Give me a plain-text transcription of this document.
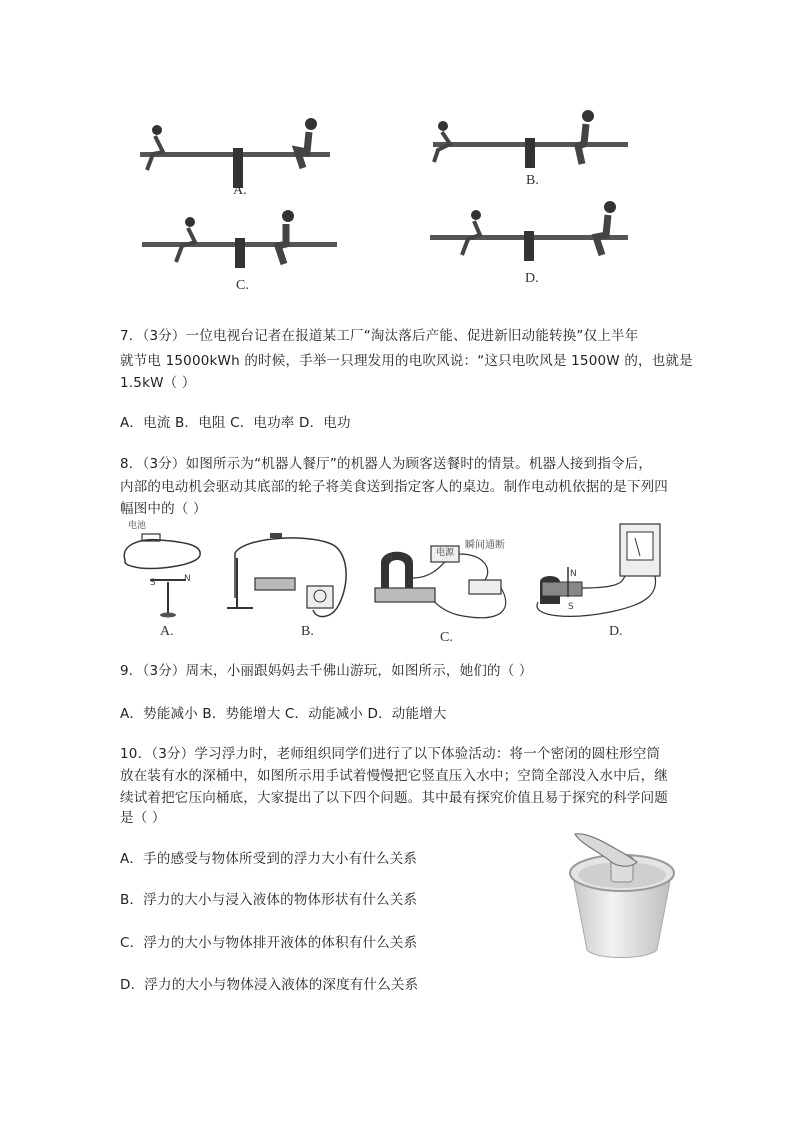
A.
B.
C.	D.
7．（3分）一位电视台记者在报道某工厂“淘汰落后产能、促进新旧动能转换”仅上半年
就节电 15000kWh 的时候，手举一只理发用的电吹风说：“这只电吹风是 1500W 的，也就是
1.5kW（ ）
A．电流 B．电阻 C．电功率 D．电功
8．（3分）如图所示为“机器人餐厅”的机器人为顾客送餐时的情景。机器人接到指令后，
内部的电动机会驱动其底部的轮子将美食送到指定客人的桌边。制作电动机依据的是下列四
幅图中的（ ）
电池
S	N
A.	B.
电源
瞬间通断
N
C.
N
S
D.
9．（3分）周末，小丽跟妈妈去千佛山游玩，如图所示，她们的（ ）
A．势能减小 B．势能增大 C．动能减小 D．动能增大
10．（3分）学习浮力时，老师组织同学们进行了以下体验活动：将一个密闭的圆柱形空筒
放在装有水的深桶中，如图所示用手试着慢慢把它竖直压入水中；空筒全部没入水中后，继
续试着把它压向桶底，大家提出了以下四个问题。其中最有探究价值且易于探究的科学问题
是（ ）
A．手的感受与物体所受到的浮力大小有什么关系
B．浮力的大小与浸入液体的物体形状有什么关系
C．浮力的大小与物体排开液体的体积有什么关系
D．浮力的大小与物体浸入液体的深度有什么关系
